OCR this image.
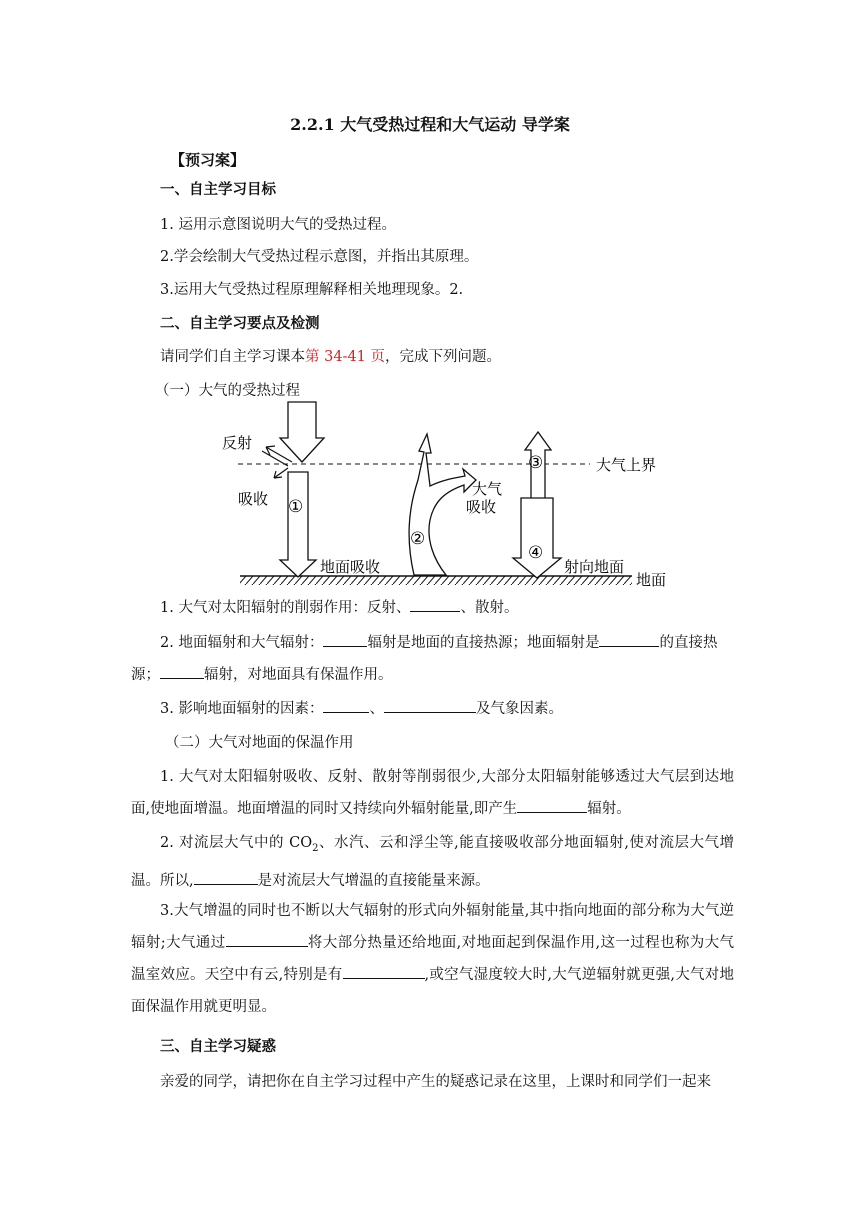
2.2.1 大气受热过程和大气运动 导学案
【预习案】
一、自主学习目标
1. 运用示意图说明大气的受热过程。
2.学会绘制大气受热过程示意图，并指出其原理。
3.运用大气受热过程原理解释相关地理现象。2.
二、自主学习要点及检测
请同学们自主学习课本第 34-41 页，完成下列问题。
（一）大气的受热过程
反射
吸收 ①
②
③
④
大气上界
大气
吸收
地面吸收	射向地面
地面
1. 大气对太阳辐射的削弱作用：反射、	、散射。
2. 地面辐射和大气辐射：	辐射是地面的直接热源；地面辐射是	的直接热
源；	辐射，对地面具有保温作用。
3. 影响地面辐射的因素：	、	及气象因素。
（二）大气对地面的保温作用
1. 大气对太阳辐射吸收、反射、散射等削弱很少,大部分太阳辐射能够透过大气层到达地面,使地面增温。地面增温的同时又持续向外辐射能量,即产生	辐射。
2. 对流层大气中的 $CO_2$、水汽、云和浮尘等,能直接吸收部分地面辐射,使对流层大气增温。所以,	是对流层大气增温的直接能量来源。
3.大气增温的同时也不断以大气辐射的形式向外辐射能量,其中指向地面的部分称为大气逆辐射;大气通过	将大部分热量还给地面,对地面起到保温作用,这一过程也称为大气温室效应。天空中有云,特别是有	,或空气湿度较大时,大气逆辐射就更强,大气对地面保温作用就更明显。
三、自主学习疑惑
亲爱的同学，请把你在自主学习过程中产生的疑惑记录在这里，上课时和同学们一起来
